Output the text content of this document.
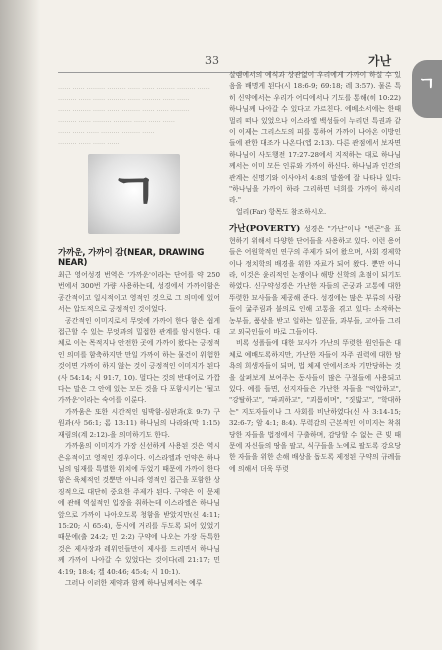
33	가난
ㄱ

…… …… ……… ……… …… …… ……… ……… ……

……… …… …… ……… …… ……… …… ……

…… ……… …… …… ……… …… …… ………

……… …… ……… ……… …… …… ……

…… …… …… ……… ……… ……

……… …… …… ……

ㄱ
가까운, 가까이 감(NEAR, DRAWING NEAR)

최근 영어성경 번역은 '가까운'이라는 단어를 약 250번에서 300번 가량 사용하는데, 성경에서 가까이함은 공간적이고 일시적이고 영적인 것으로 그 의미에 있어서는 압도적으로 긍정적인 것이었다.

공간적인 이미지로서 무엇에 가까이 한다 함은 쉽게 접근할 수 있는 무엇과의 밀접한 관계를 암시한다. 대체로 이는 목적지나 안전한 곳에 가까이 왔다는 긍정적인 의미를 함축하지만 만일 가까이 하는 물건이 위험한 것이면 가까이 하지 않는 것이 긍정적인 이미지가 된다(사 54:14; 시 91:7, 10). 멀다는 것의 반대어로 가깝다는 말은 그 안에 있는 모든 것을 다 포함시키는 '될고 가까운'이라는 숙어를 이룬다.

가까움은 또한 시간적인 임박함-심판과(호 9:7) 구원과(사 56:1; 롬 13:11) 하나님의 나라와(막 1:15) 재림의(계 2:12)-을 의미하기도 한다.

가까움의 이미지가 가장 신선하게 사용된 것은 역시 은유적이고 영적인 경우이다. 이스라엘과 언약은 하나님의 임재를 특별한 위치에 두었기 때문에 가까이 한다 함은 육체적인 것뿐만 아니라 영적인 접근을 포함한 상징적으로 대단히 중요한 주제가 된다. 구약은 이 문제에 관해 역설적인 입장을 취하는데 이스라엘은 하나님 앞으로 가까이 나아오도록 청함을 받았지만(신 4:11; 15:20; 시 65:4), 동시에 거리를 두도록 되어 있었기 때문에(출 24:2; 민 2:2) 구약에 나오는 가장 독특한 것은 제사장과 레위인들만이 제사를 드리면서 하나님께 가까이 나아갈 수 있었다는 것이다(레 21:17; 민 4:19; 18:4; 겔 40:46; 45:4; 시 10:1).

그러나 이러한 제약과 함께 하나님께서는 예루

살렘에서의 예식과 상관없이 우리에게 가까이 하실 수 있음을 배명게 된다(시 18:6-9; 69:18; 레 3:57). 물론 특히 신약에서는 우리가 어디에서나 기도를 통해(히 10:22) 하나님께 나아갈 수 있다고 가르친다. 에베소서에는 한때 멀리 떠나 있었으나 이스라엘 백성들이 누리던 특권과 같이 이제는 그리스도의 피를 통하여 가까이 나아온 이방인들에 관한 대조가 나온다(엡 2:13). 다른 관점에서 보자면 하나님이 사도행전 17:27-28에서 지적하는 대로 하나님께서는 이미 모든 인류와 가까이 하신다. 하나님과 인간의 관계는 신명기와 이사야서 4:8의 말씀에 잘 나타나 있다: "하나님을 가까이 하라 그리하면 너희를 가까이 하시리라."

얼리(Far) 항목도 참조하시오.

가난(POVERTY) 성경은 "가난"이나 "빈곤"을 표현하기 위해서 다양한 단어들을 사용하고 있다. 이런 용어들은 어원학적인 연구의 주제가 되어 왔으며, 사회 경제학이나 정치학의 배경을 위한 자료가 되어 왔다. 뿐만 아니라, 이것은 윤리적인 논쟁이나 해방 신학의 초점이 되기도 하였다. 신구약성경은 가난한 자들의 곤궁과 고통에 대한 뚜렷한 묘사들을 제공해 준다. 성경에는 많은 부류의 사람들이 굶주림과 불의로 인해 고통을 겪고 있다: 소작하는 농부들, 품삯을 받고 일하는 일꾼들, 과부들, 고아들 그리고 외국인들이 바로 그들이다.

비록 성폴들에 대한 묘사가 가난의 뚜렷한 원인들은 대체로 예배도록하지만, 가난한 자들이 자주 권력에 대한 탐욕의 희생자들이 되며, 법 체제 안에서조차 기만당하는 것을 살펴보게 보여주는 동사들이 많은 구절들에 사용되고 있다. 예를 들면, 선지자들은 가난한 자들을 "억압하고", "강탈하고", "파괴하고", "괴롭히며", "짓밟고", "학대하는" 지도자들이나 그 사회를 비난하였다(신 사 3:14-15; 32:6-7; 암 4:1; 8:4). 무력감의 근본적인 이미지는 착취당한 자들을 법정에서 구출하며, 감당할 수 없는 큰 빚 때문에 자신들의 땅을 팔고, 식구들을 노예로 팔도록 강요당한 자들을 위한 손해 배상을 돕도록 제정된 구약의 규례들에 의해서 더욱 뚜렷
